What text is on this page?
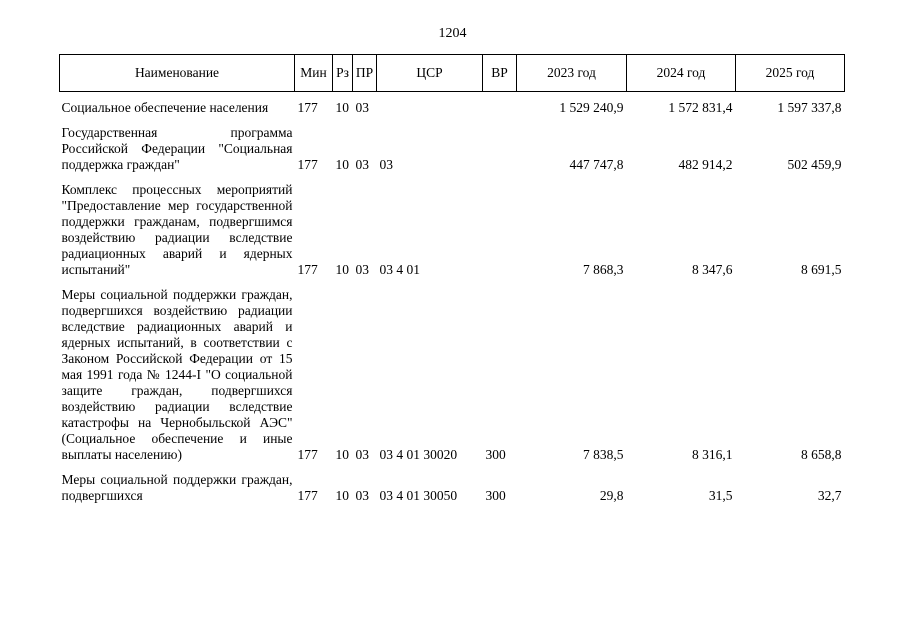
1204
Наименование	Мин	Рз	ПР	ЦСР	ВР	2023 год	2024 год	2025 год
Социальное обеспечение населения	177	10	03			1 529 240,9	1 572 831,4	1 597 337,8

Государственная программа Российской Федерации "Социальная поддержка граждан"	177	10	03	03		447 747,8	482 914,2	502 459,9

Комплекс процессных мероприятий "Предоставление мер государственной поддержки гражданам, подвергшимся воздействию радиации вследствие радиационных аварий и ядерных испытаний"	177	10	03	03 4 01		7 868,3	8 347,6	8 691,5

Меры социальной поддержки граждан, подвергшихся воздействию радиации вследствие радиационных аварий и ядерных испытаний, в соответствии с Законом Российской Федерации от 15 мая 1991 года № 1244-I "О социальной защите граждан, подвергшихся воздействию радиации вследствие катастрофы на Чернобыльской АЭС" (Социальное обеспечение и иные выплаты населению)	177	10	03	03 4 01 30020	300	7 838,5	8 316,1	8 658,8

Меры социальной поддержки граждан, подвергшихся	177	10	03	03 4 01 30050	300	29,8	31,5	32,7
